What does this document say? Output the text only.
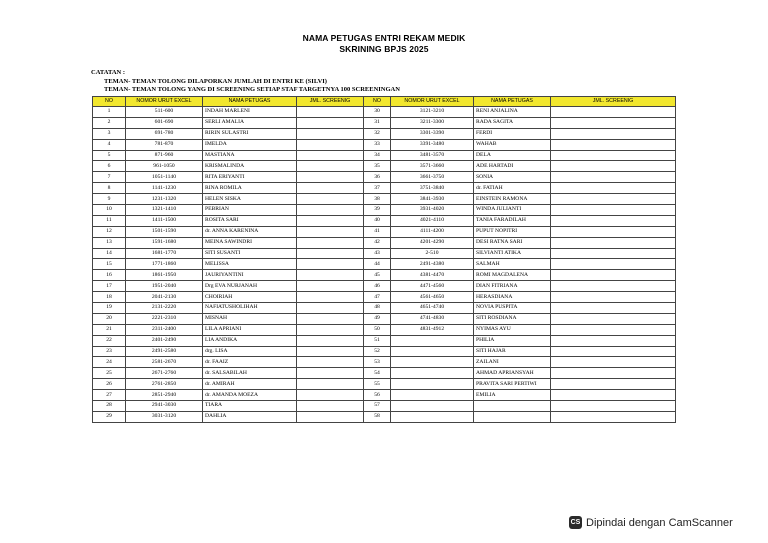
NAMA PETUGAS ENTRI REKAM MEDIK
SKRINING BPJS 2025
CATATAN :
TEMAN- TEMAN TOLONG DILAPORKAN JUMLAH DI ENTRI KE (SILVI)
TEMAN- TEMAN TOLONG YANG DI SCREENING SETIAP STAF TARGETNYA 100 SCREENINGAN
NO	NOMOR URUT EXCEL	NAMA PETUGAS	JML. SCREENIG	NO	NOMOR URUT EXCEL	NAMA PETUGAS	JML. SCREENIG
1	511-600	INDAH MARLENI		30	3121-3210	RENI ANJALINA	
2	601-690	SERLI AMALIA		31	3211-3300	RADA SAGITA	
3	691-780	RIRIN SULASTRI		32	3301-3390	FERDI	
4	781-870	IMELDA		33	3391-3480	WAHAB	
5	871-960	MASTIANA		34	3481-3570	DELA	
6	961-1050	KRISMALINDA		35	3571-3660	ADE HARTADI	
7	1051-1140	RITA ERIYANTI		36	3661-3750	SONIA	
8	1141-1230	RINA ROMILA		37	3751-3840	dr. FATIAH	
9	1231-1320	HELEN SISKA		38	3841-3930	EINSTEIN RAMONA	
10	1321-1410	PEBRIAN		39	3931-4020	WINDA JULIANTI	
11	1411-1500	ROSITA SARI		40	4021-4110	TANIA FARADILAH	
12	1501-1590	dr. ANNA KARENINA		41	4111-4200	PUPUT NOPITRI	
13	1591-1680	MEINA SAWINDRI		42	4201-4290	DESI RATNA SARI	
14	1681-1770	SITI SUSANTI		43	2-510	SILVIANTI ATIKA	
15	1771-1860	MELISSA		44	2491-4380	SALMAH	
16	1861-1950	JAURIYANTINI		45	4381-4470	ROMI MAGDALENA	
17	1951-2040	Drg EVA NURJANAH		46	4471-4560	DIAN FITRIANA	
18	2041-2130	CHOIRIAH		47	4561-4650	HERASDIANA	
19	2131-2220	NAFIATUSHOLIHAH		48	4651-4740	NOVIA PUSPITA	
20	2221-2310	MISNAH		49	4741-4830	SITI ROSDIANA	
21	2311-2400	LILA APRIANI		50	4831-4912	NYIMAS AYU	
22	2401-2490	LIA ANDIKA		51		PHILIA	
23	2491-2580	drg. LISA		52		SITI HAJAR	
24	2581-2670	dr. FAAIZ		53		ZAILANI	
25	2671-2760	dr. SALSABILAH		54		AHMAD APRIANSYAH	
26	2761-2850	dr. AMIRAH		55		PRAVITA SARI PERTIWI	
27	2851-2940	dr. AMANDA MOEZA		56		EMILIA	
28	2941-3030	TIARA		57			
29	3031-3120	DAHLIA		58			
CS Dipindai dengan CamScanner
